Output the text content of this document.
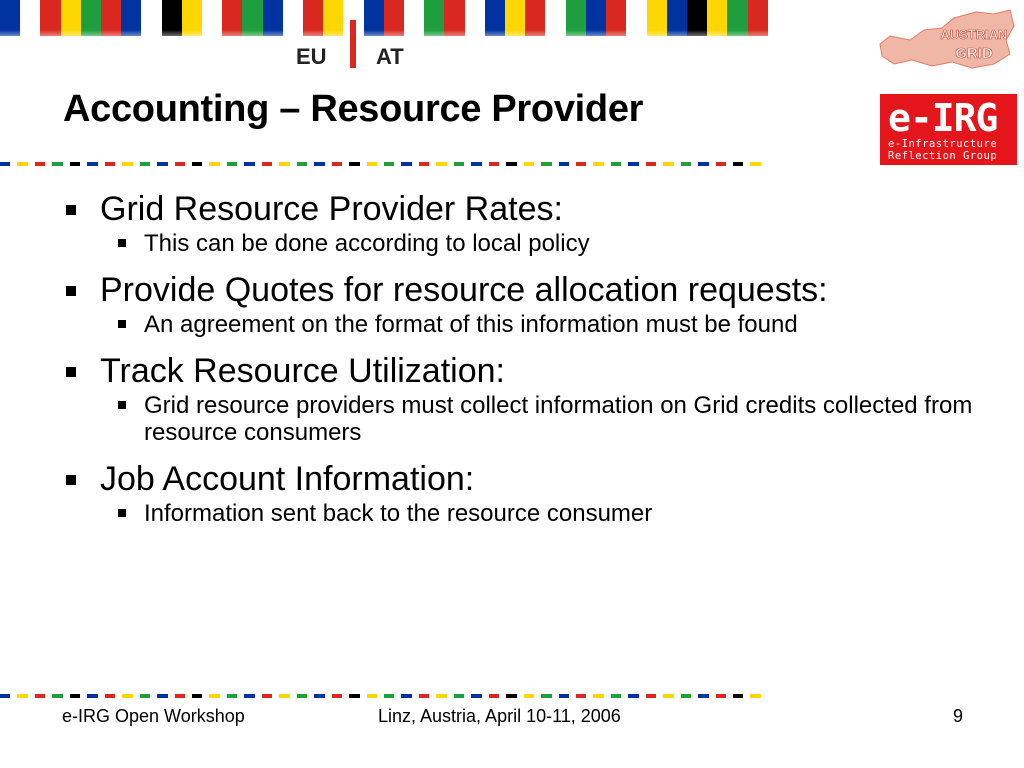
EU AT
AUSTRIAN
GRID
e-IRG
e-Infrastructure
Reflection Group
Accounting – Resource Provider
Grid Resource Provider Rates:
This can be done according to local policy
Provide Quotes for resource allocation requests:
An agreement on the format of this information must be found
Track Resource Utilization:
Grid resource providers must collect information on Grid credits collected from resource consumers
Job Account Information:
Information sent back to the resource consumer
e-IRG Open Workshop	Linz, Austria, April 10-11, 2006	9
